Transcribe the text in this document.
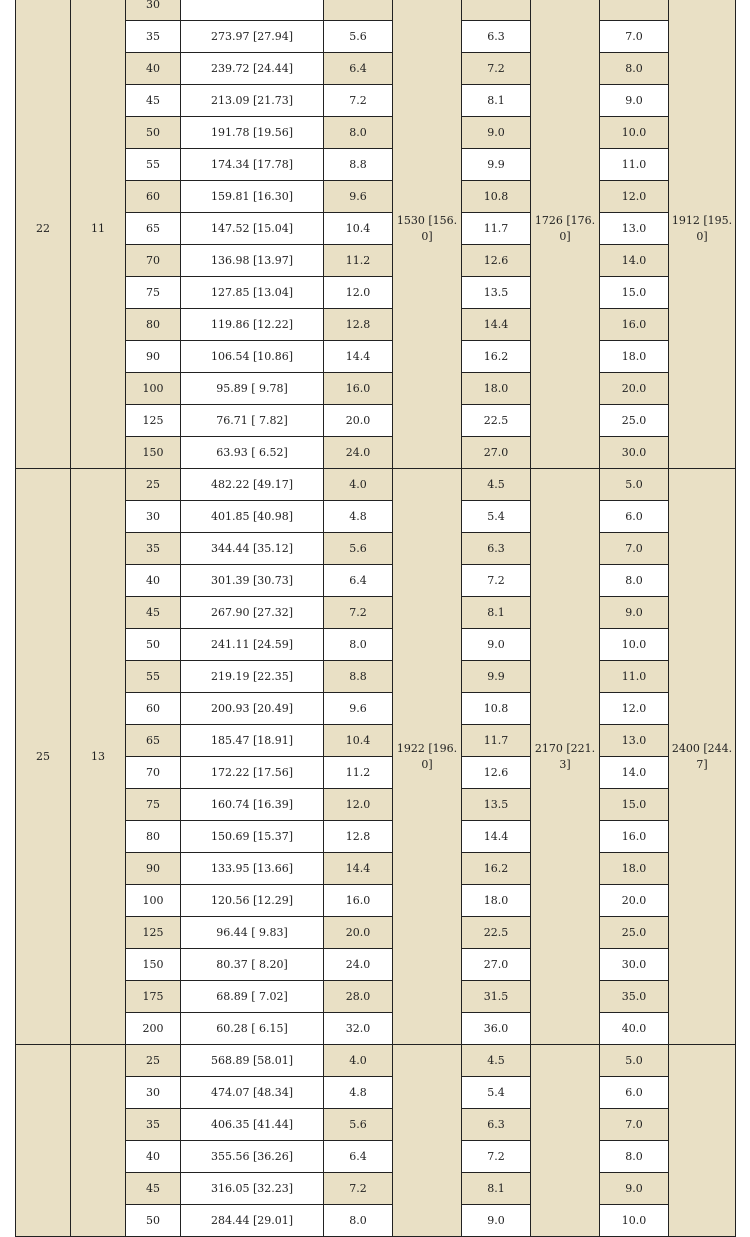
22	11	30			1530 [156.0]		1726 [176.0]		1912 [195.0]
		35	273.97 [27.94]	5.6		6.3		7.0	
		40	239.72 [24.44]	6.4		7.2		8.0	
		45	213.09 [21.73]	7.2		8.1		9.0	
		50	191.78 [19.56]	8.0		9.0		10.0	
		55	174.34 [17.78]	8.8		9.9		11.0	
		60	159.81 [16.30]	9.6		10.8		12.0	
		65	147.52 [15.04]	10.4		11.7		13.0	
		70	136.98 [13.97]	11.2		12.6		14.0	
		75	127.85 [13.04]	12.0		13.5		15.0	
		80	119.86 [12.22]	12.8		14.4		16.0	
		90	106.54 [10.86]	14.4		16.2		18.0	
		100	95.89 [ 9.78]	16.0		18.0		20.0	
		125	76.71 [ 7.82]	20.0		22.5		25.0	
		150	63.93 [ 6.52]	24.0		27.0		30.0	
25	13	25	482.22 [49.17]	4.0	1922 [196.0]	4.5	2170 [221.3]	5.0	2400 [244.7]
		30	401.85 [40.98]	4.8		5.4		6.0	
		35	344.44 [35.12]	5.6		6.3		7.0	
		40	301.39 [30.73]	6.4		7.2		8.0	
		45	267.90 [27.32]	7.2		8.1		9.0	
		50	241.11 [24.59]	8.0		9.0		10.0	
		55	219.19 [22.35]	8.8		9.9		11.0	
		60	200.93 [20.49]	9.6		10.8		12.0	
		65	185.47 [18.91]	10.4		11.7		13.0	
		70	172.22 [17.56]	11.2		12.6		14.0	
		75	160.74 [16.39]	12.0		13.5		15.0	
		80	150.69 [15.37]	12.8		14.4		16.0	
		90	133.95 [13.66]	14.4		16.2		18.0	
		100	120.56 [12.29]	16.0		18.0		20.0	
		125	96.44 [ 9.83]	20.0		22.5		25.0	
		150	80.37 [ 8.20]	24.0		27.0		30.0	
		175	68.89 [ 7.02]	28.0		31.5		35.0	
		200	60.28 [ 6.15]	32.0		36.0		40.0	
		25	568.89 [58.01]	4.0		4.5		5.0	
		30	474.07 [48.34]	4.8		5.4		6.0	
		35	406.35 [41.44]	5.6		6.3		7.0	
		40	355.56 [36.26]	6.4		7.2		8.0	
		45	316.05 [32.23]	7.2		8.1		9.0	
		50	284.44 [29.01]	8.0		9.0		10.0	
